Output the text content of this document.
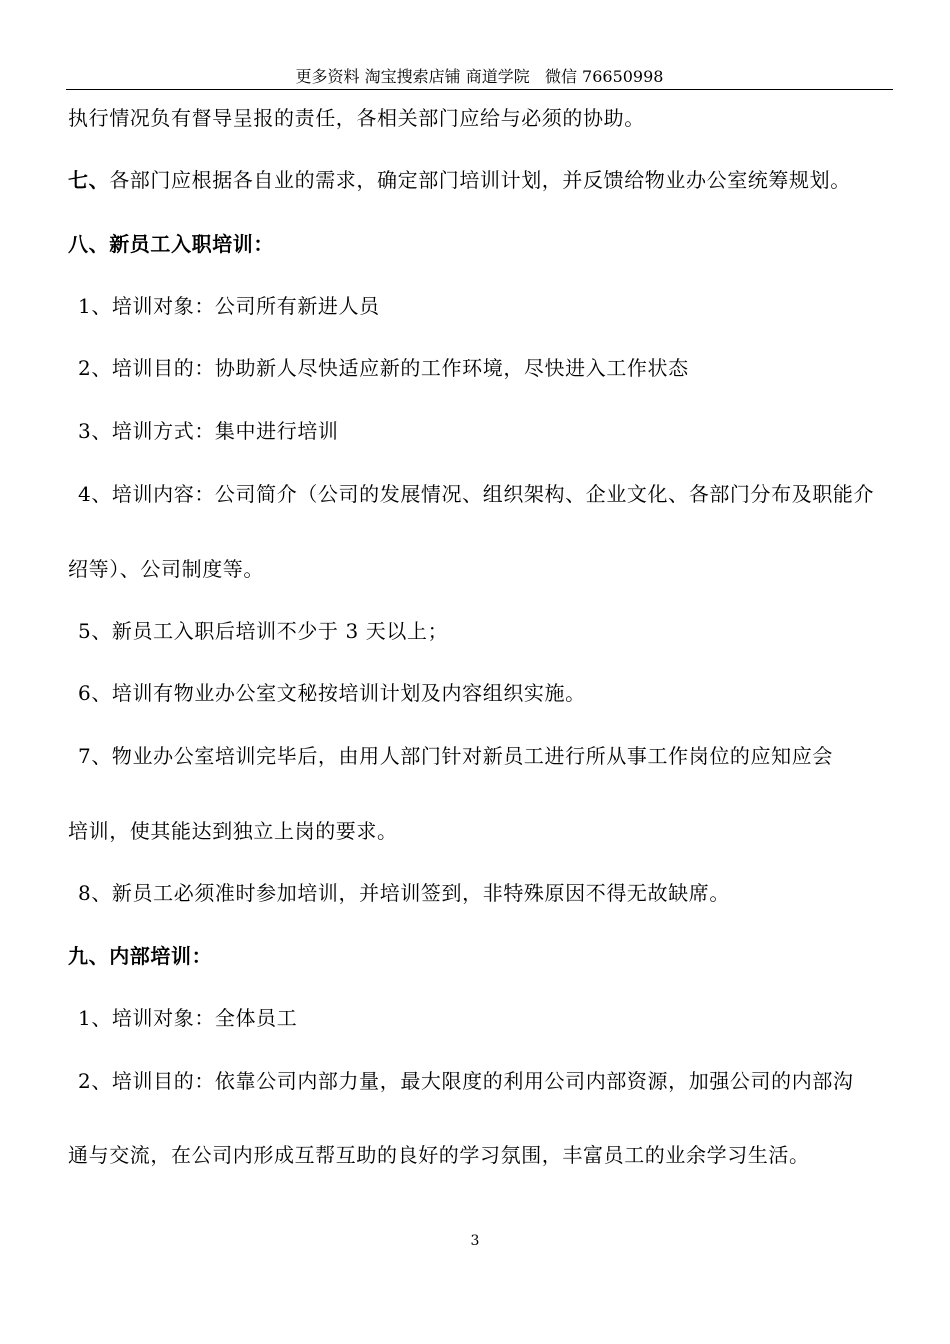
更多资料 淘宝搜索店铺 商道学院   微信 76650998
执行情况负有督导呈报的责任，各相关部门应给与必须的协助。
七、各部门应根据各自业的需求，确定部门培训计划，并反馈给物业办公室统筹规划。
八、新员工入职培训：
1、培训对象：公司所有新进人员
2、培训目的：协助新人尽快适应新的工作环境，尽快进入工作状态
3、培训方式：集中进行培训
4、培训内容：公司简介（公司的发展情况、组织架构、企业文化、各部门分布及职能介
绍等）、公司制度等。
5、新员工入职后培训不少于 3 天以上；
6、培训有物业办公室文秘按培训计划及内容组织实施。
7、物业办公室培训完毕后，由用人部门针对新员工进行所从事工作岗位的应知应会
培训，使其能达到独立上岗的要求。
8、新员工必须准时参加培训，并培训签到，非特殊原因不得无故缺席。
九、内部培训：
1、培训对象：全体员工
2、培训目的：依靠公司内部力量，最大限度的利用公司内部资源，加强公司的内部沟
通与交流，在公司内形成互帮互助的良好的学习氛围，丰富员工的业余学习生活。
3
